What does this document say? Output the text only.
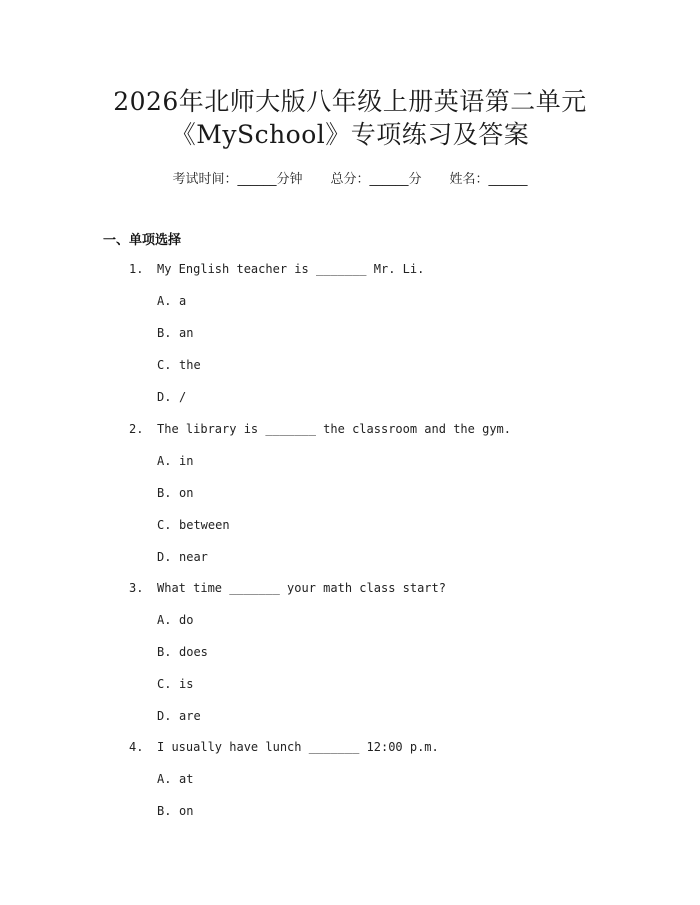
2026年北师大版八年级上册英语第二单元
《MySchool》专项练习及答案
考试时间：______分钟 总分：______分 姓名：______
一、单项选择
1. My English teacher is _______ Mr. Li.
A. a
B. an
C. the
D. /
2. The library is _______ the classroom and the gym.
A. in
B. on
C. between
D. near
3. What time _______ your math class start?
A. do
B. does
C. is
D. are
4. I usually have lunch _______ 12:00 p.m.
A. at
B. on
